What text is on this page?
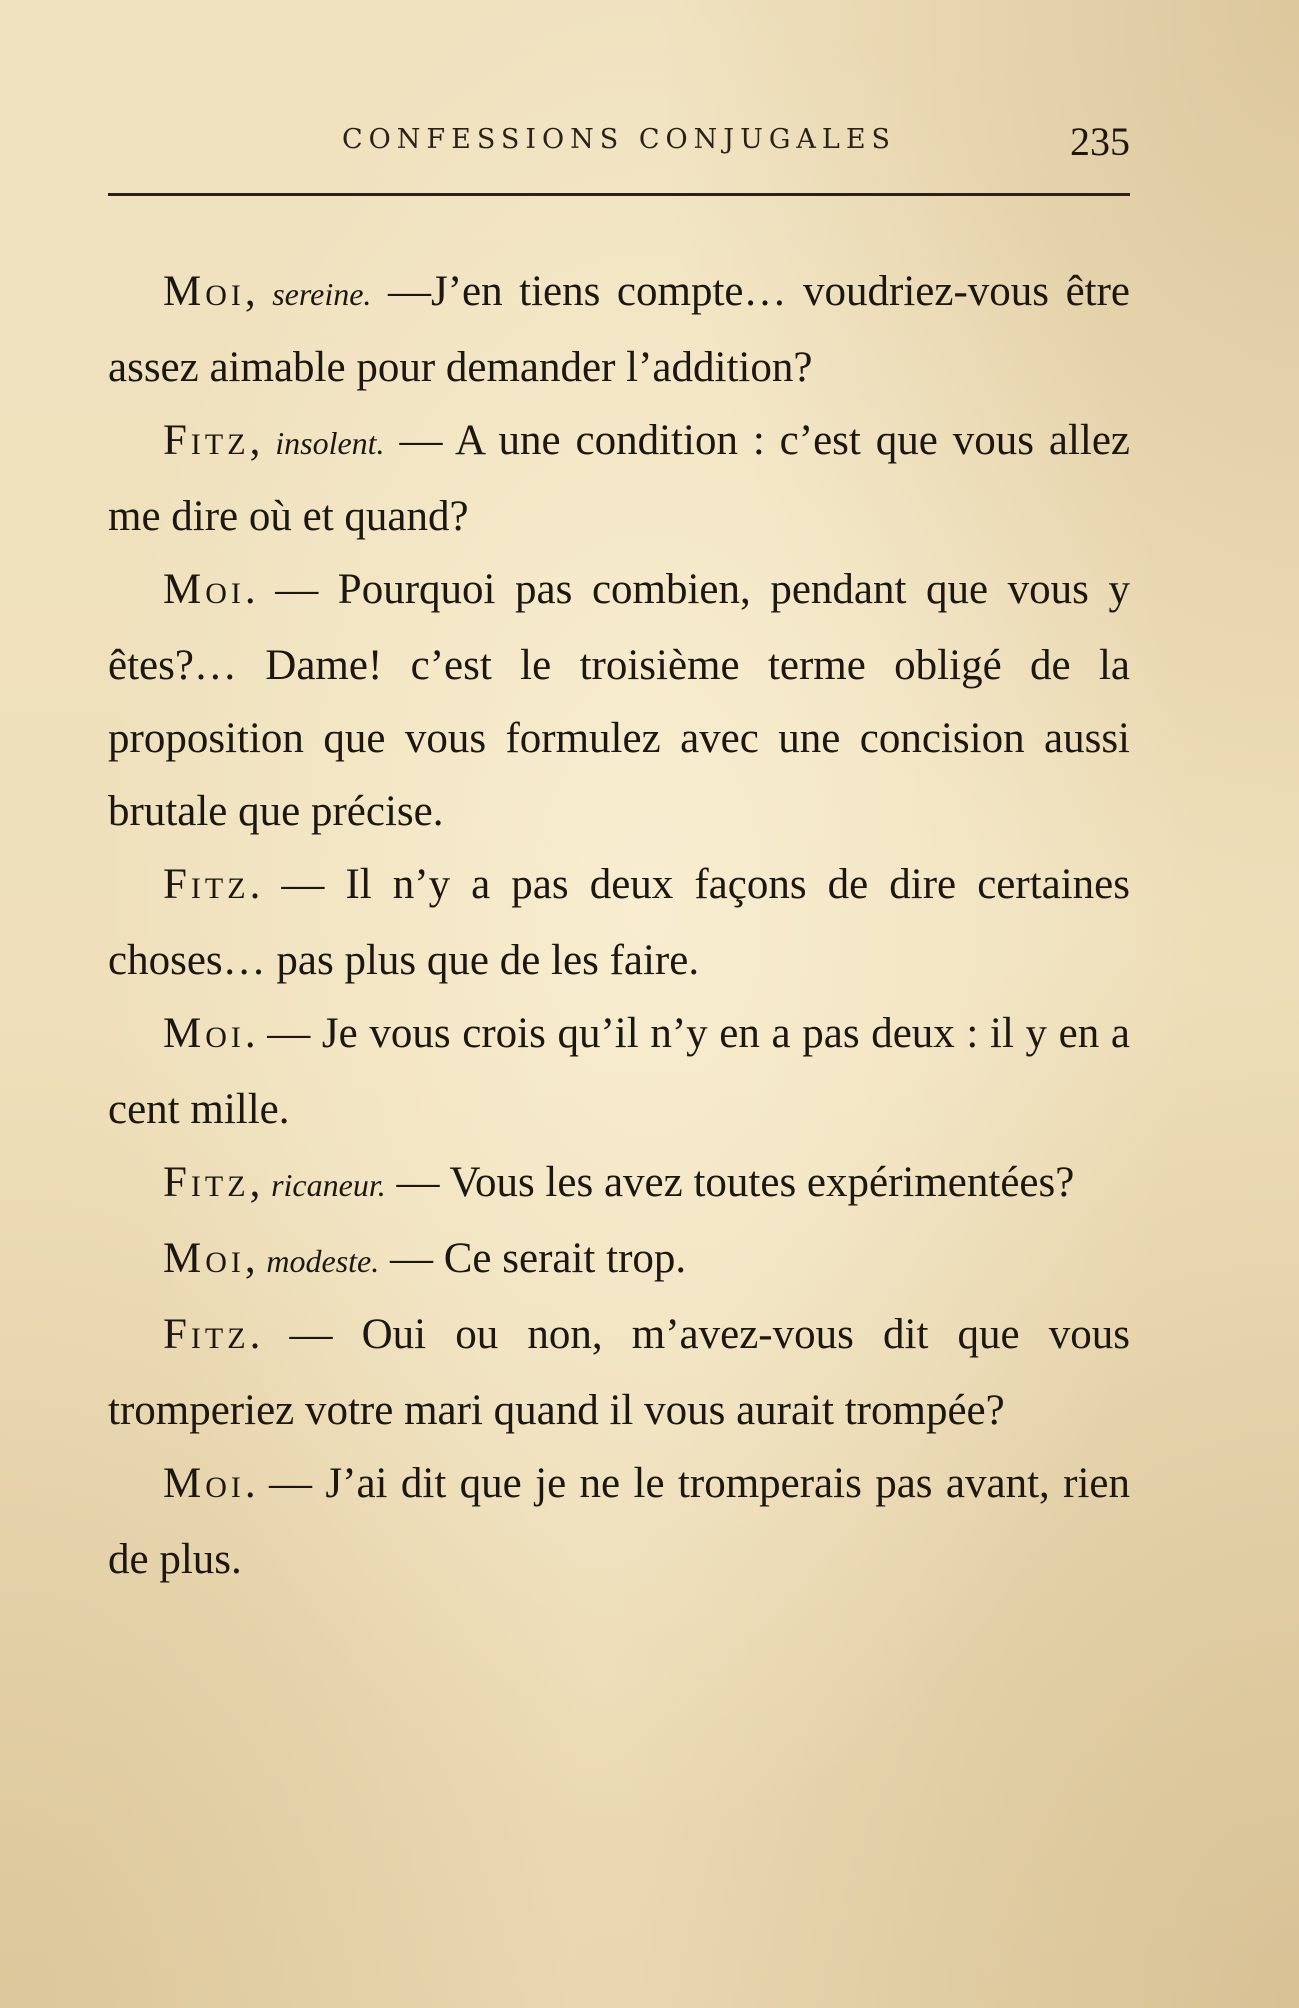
CONFESSIONS CONJUGALES	235

Moi, sereine. —J’en tiens compte… voudriez-vous être assez aimable pour demander l’addition?

Fitz, insolent. — A une condition : c’est que vous allez me dire où et quand?

Moi. — Pourquoi pas combien, pendant que vous y êtes?… Dame! c’est le troisième terme obligé de la proposition que vous formulez avec une concision aussi brutale que précise.

Fitz. — Il n’y a pas deux façons de dire certaines choses… pas plus que de les faire.

Moi. — Je vous crois qu’il n’y en a pas deux : il y en a cent mille.

Fitz, ricaneur. — Vous les avez toutes expérimentées?

Moi, modeste. — Ce serait trop.

Fitz. — Oui ou non, m’avez-vous dit que vous tromperiez votre mari quand il vous aurait trompée?

Moi. — J’ai dit que je ne le tromperais pas avant, rien de plus.
